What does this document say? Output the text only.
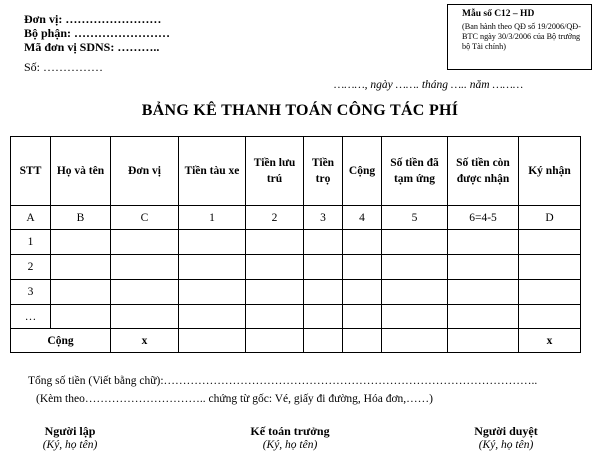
Đơn vị: ……………………
Bộ phận: ……………………
Mã đơn vị SDNS: ………..
Số: ……………
Mẫu số C12 – HD
(Ban hành theo QĐ số 19/2006/QĐ-BTC ngày 30/3/2006 của Bộ trưởng bộ Tài chính)
………, ngày ……. tháng ….. năm ………
BẢNG KÊ THANH TOÁN CÔNG TÁC PHÍ
STT	Họ và tên	Đơn vị	Tiền tàu xe	Tiền lưu trú	Tiền trọ	Cộng	Số tiền đã tạm ứng	Số tiền còn được nhận	Ký nhận
A	B	C	1	2	3	4	5	6=4-5	D
1									
2									
3									
…									
Cộng		x							x
Tổng số tiền (Viết bằng chữ):……………………………………………………………………………………..
(Kèm theo………………………….. chứng từ gốc: Vé, giấy đi đường, Hóa đơn,……)
Người lập
(Ký, họ tên)
Kế toán trưởng
(Ký, họ tên)
Người duyệt
(Ký, họ tên)
